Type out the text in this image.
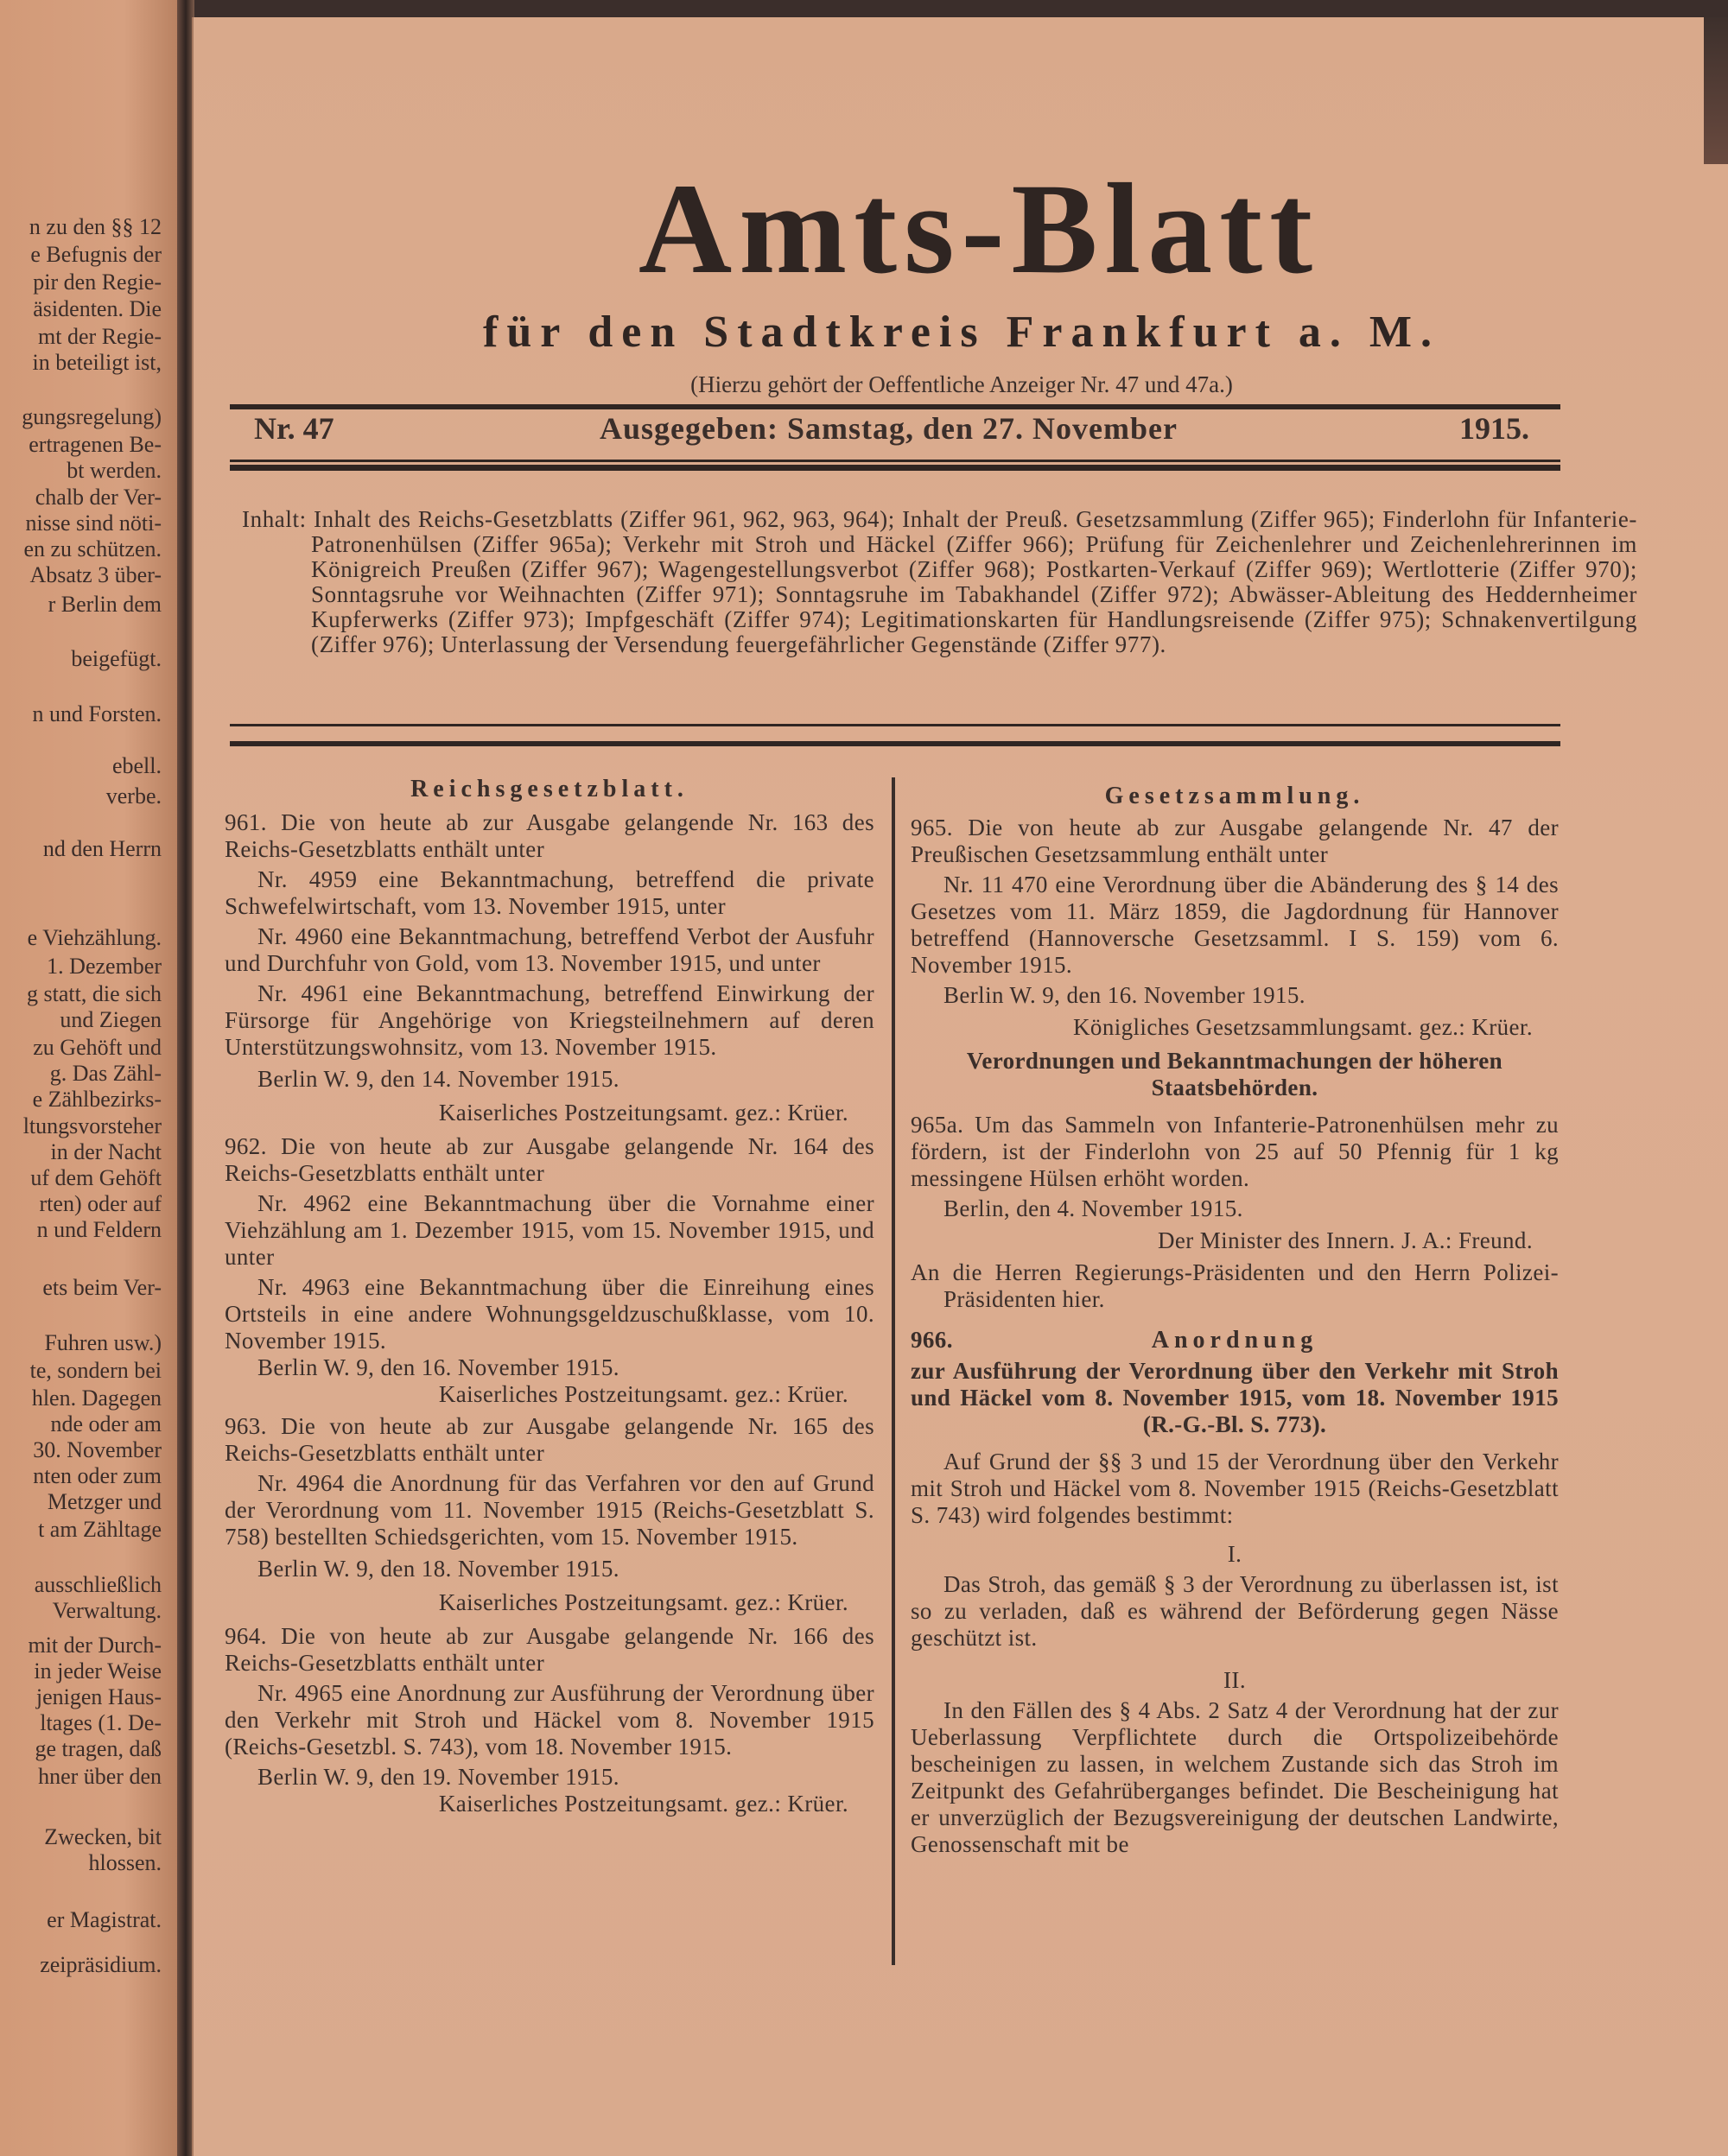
n zu den §§ 12
e Befugnis der
pir den Regie-
äsidenten. Die
mt der Regie-
in beteiligt ist,
gungsregelung)
ertragenen Be-
bt werden.
chalb der Ver-
nisse sind nöti-
en zu schützen.
Absatz 3 über-
r Berlin dem
beigefügt.
n und Forsten.
ebell.
verbe.
nd den Herrn
e Viehzählung.
1. Dezember
g statt, die sich
und Ziegen
zu Gehöft und
g. Das Zähl-
e Zählbezirks-
ltungsvorsteher
in der Nacht
uf dem Gehöft
rten) oder auf
n und Feldern
ets beim Ver-
Fuhren usw.)
te, sondern bei
hlen. Dagegen
nde oder am
30. November
nten oder zum
Metzger und
t am Zähltage
ausschließlich
Verwaltung.
mit der Durch-
in jeder Weise
jenigen Haus-
ltages (1. De-
ge tragen, daß
hner über den
Zwecken, bit
hlossen.
er Magistrat.
zeipräsidium.
Amts-Blatt
für den Stadtkreis Frankfurt a. M.
(Hierzu gehört der Oeffentliche Anzeiger Nr. 47 und 47a.)
Nr. 47	Ausgegeben: Samstag, den 27. November	1915.
Inhalt: Inhalt des Reichs-Gesetzblatts (Ziffer 961, 962, 963, 964); Inhalt der Preuß. Gesetzsammlung (Ziffer 965); Finderlohn für Infanterie-Patronenhülsen (Ziffer 965a); Verkehr mit Stroh und Häckel (Ziffer 966); Prüfung für Zeichenlehrer und Zeichenlehrerinnen im Königreich Preußen (Ziffer 967); Wagengestellungsverbot (Ziffer 968); Postkarten-Verkauf (Ziffer 969); Wertlotterie (Ziffer 970); Sonntagsruhe vor Weihnachten (Ziffer 971); Sonntagsruhe im Tabakhandel (Ziffer 972); Abwässer-Ableitung des Heddernheimer Kupferwerks (Ziffer 973); Impfgeschäft (Ziffer 974); Legitimationskarten für Handlungsreisende (Ziffer 975); Schnakenvertilgung (Ziffer 976); Unterlassung der Versendung feuergefährlicher Gegenstände (Ziffer 977).

Reichsgesetzblatt.

961. Die von heute ab zur Ausgabe gelangende Nr. 163 des Reichs-Gesetzblatts enthält unter

Nr. 4959 eine Bekanntmachung, betreffend die private Schwefelwirtschaft, vom 13. November 1915, unter

Nr. 4960 eine Bekanntmachung, betreffend Verbot der Ausfuhr und Durchfuhr von Gold, vom 13. November 1915, und unter

Nr. 4961 eine Bekanntmachung, betreffend Einwirkung der Fürsorge für Angehörige von Kriegsteilnehmern auf deren Unterstützungswohnsitz, vom 13. November 1915.

Berlin W. 9, den 14. November 1915.

Kaiserliches Postzeitungsamt. gez.: Krüer.

962. Die von heute ab zur Ausgabe gelangende Nr. 164 des Reichs-Gesetzblatts enthält unter

Nr. 4962 eine Bekanntmachung über die Vornahme einer Viehzählung am 1. Dezember 1915, vom 15. November 1915, und unter

Nr. 4963 eine Bekanntmachung über die Einreihung eines Ortsteils in eine andere Wohnungsgeldzuschußklasse, vom 10. November 1915.

Berlin W. 9, den 16. November 1915.

Kaiserliches Postzeitungsamt. gez.: Krüer.

963. Die von heute ab zur Ausgabe gelangende Nr. 165 des Reichs-Gesetzblatts enthält unter

Nr. 4964 die Anordnung für das Verfahren vor den auf Grund der Verordnung vom 11. November 1915 (Reichs-Gesetzblatt S. 758) bestellten Schiedsgerichten, vom 15. November 1915.

Berlin W. 9, den 18. November 1915.

Kaiserliches Postzeitungsamt. gez.: Krüer.

964. Die von heute ab zur Ausgabe gelangende Nr. 166 des Reichs-Gesetzblatts enthält unter

Nr. 4965 eine Anordnung zur Ausführung der Verordnung über den Verkehr mit Stroh und Häckel vom 8. November 1915 (Reichs-Gesetzbl. S. 743), vom 18. November 1915.

Berlin W. 9, den 19. November 1915.

Kaiserliches Postzeitungsamt. gez.: Krüer.

Gesetzsammlung.

965. Die von heute ab zur Ausgabe gelangende Nr. 47 der Preußischen Gesetzsammlung enthält unter

Nr. 11 470 eine Verordnung über die Abänderung des § 14 des Gesetzes vom 11. März 1859, die Jagdordnung für Hannover betreffend (Hannoversche Gesetzsamml. I S. 159) vom 6. November 1915.

Berlin W. 9, den 16. November 1915.

Königliches Gesetzsammlungsamt. gez.: Krüer.

Verordnungen und Bekanntmachungen der höheren Staatsbehörden.

965a. Um das Sammeln von Infanterie-Patronenhülsen mehr zu fördern, ist der Finderlohn von 25 auf 50 Pfennig für 1 kg messingene Hülsen erhöht worden.

Berlin, den 4. November 1915.

Der Minister des Innern. J. A.: Freund.

An die Herren Regierungs-Präsidenten und den Herrn Polizei-Präsidenten hier.

966.	Anordnung

zur Ausführung der Verordnung über den Verkehr mit Stroh und Häckel vom 8. November 1915, vom 18. November 1915 (R.-G.-Bl. S. 773).

Auf Grund der §§ 3 und 15 der Verordnung über den Verkehr mit Stroh und Häckel vom 8. November 1915 (Reichs-Gesetzblatt S. 743) wird folgendes bestimmt:

I.

Das Stroh, das gemäß § 3 der Verordnung zu überlassen ist, ist so zu verladen, daß es während der Beförderung gegen Nässe geschützt ist.

II.

In den Fällen des § 4 Abs. 2 Satz 4 der Verordnung hat der zur Ueberlassung Verpflichtete durch die Ortspolizeibehörde bescheinigen zu lassen, in welchem Zustande sich das Stroh im Zeitpunkt des Gefahrüberganges befindet. Die Bescheinigung hat er unverzüglich der Bezugsvereinigung der deutschen Landwirte, Genossenschaft mit be
